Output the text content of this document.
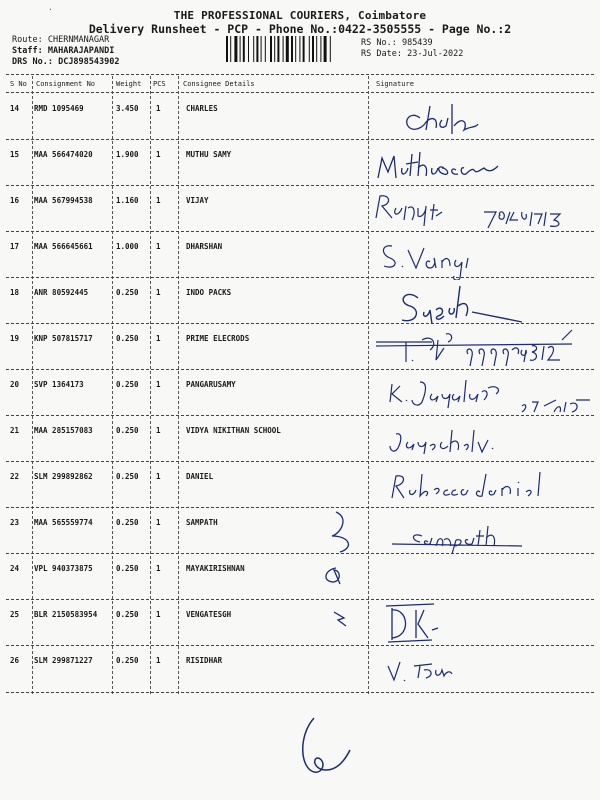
THE PROFESSIONAL COURIERS, Coimbatore
Delivery Runsheet - PCP - Phone No.:0422-3505555 - Page No.:2
Route: CHERNMANAGAR
Staff: MAHARAJAPANDI
DRS No.: DCJ898543902
RS No.: 985439
RS Date: 23-Jul-2022
S No Consignment No	Weight PCS Consignee Details	Signature
14 RMD 1095469	3.450 1	CHARLES
15 MAA 566474020	1.900 1	MUTHU SAMY
16 MAA 567994538	1.160 1	VIJAY
17 MAA 566645661	1.000 1	DHARSHAN
18 ANR 80592445	0.250 1	INDO PACKS
19 KNP 507815717	0.250 1	PRIME ELECRODS
20 SVP 1364173	0.250 1	PANGARUSAMY
21 MAA 285157083	0.250 1	VIDYA NIKITHAN SCHOOL
22 SLM 299892862	0.250 1	DANIEL
23 MAA 565559774	0.250 1	SAMPATH
24 VPL 940373875	0.250 1	MAYAKIRISHNAN
25 BLR 2150583954	0.250 1	VENGATESGH
26 SLM 299871227	0.250 1	RISIDHAR
·
